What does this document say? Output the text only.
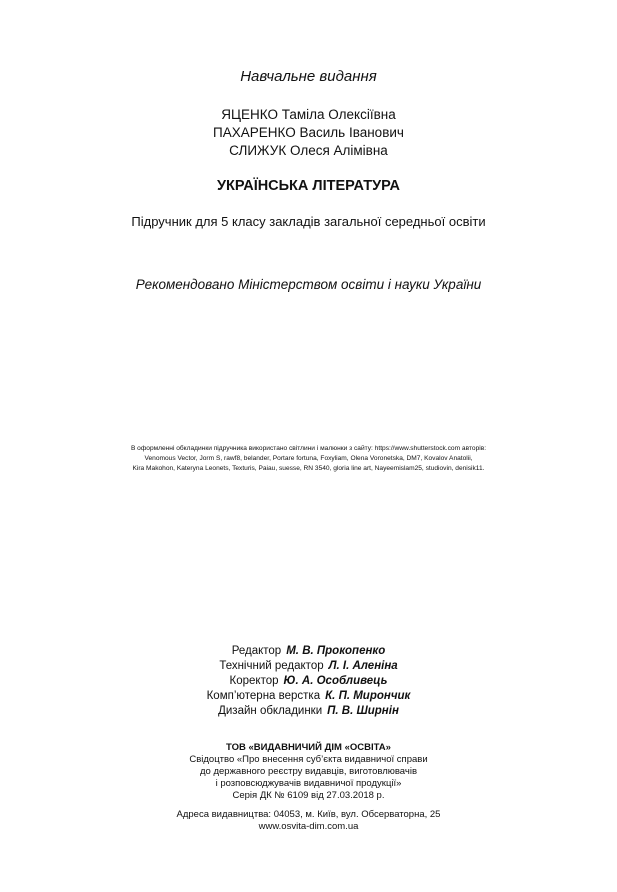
Навчальне видання
ЯЦЕНКО Таміла Олексіївна
ПАХАРЕНКО Василь Іванович
СЛИЖУК Олеся Алімівна
УКРАЇНСЬКА ЛІТЕРАТУРА
Підручник для 5 класу закладів загальної середньої освіти
Рекомендовано Міністерством освіти і науки України
В оформленні обкладинки підручника використано світлини і малюнки з сайту: https://www.shutterstock.com авторів:
Venomous Vector, Jorm S, rawf8, belander, Portare fortuna, Foxyliam, Olena Voronetska, DM7, Kovalov Anatolii,
Kira Makohon, Kateryna Leonets, Texturis, Paiau, suesse, RN 3540, gloria line art, Nayeemislam25, studiovin, denisik11.
Редактор М. В. Прокопенко
Технічний редактор Л. І. Аленіна
Коректор Ю. А. Особливець
Комп’ютерна верстка К. П. Мирончик
Дизайн обкладинки П. В. Ширнін
ТОВ «ВИДАВНИЧИЙ ДІМ «ОСВІТА»
Свідоцтво «Про внесення суб’єкта видавничої справи
до державного реєстру видавців, виготовлювачів
і розповсюджувачів видавничої продукції»
Серія ДК № 6109 від 27.03.2018 р.
Адреса видавництва: 04053, м. Київ, вул. Обсерваторна, 25
www.osvita-dim.com.ua
